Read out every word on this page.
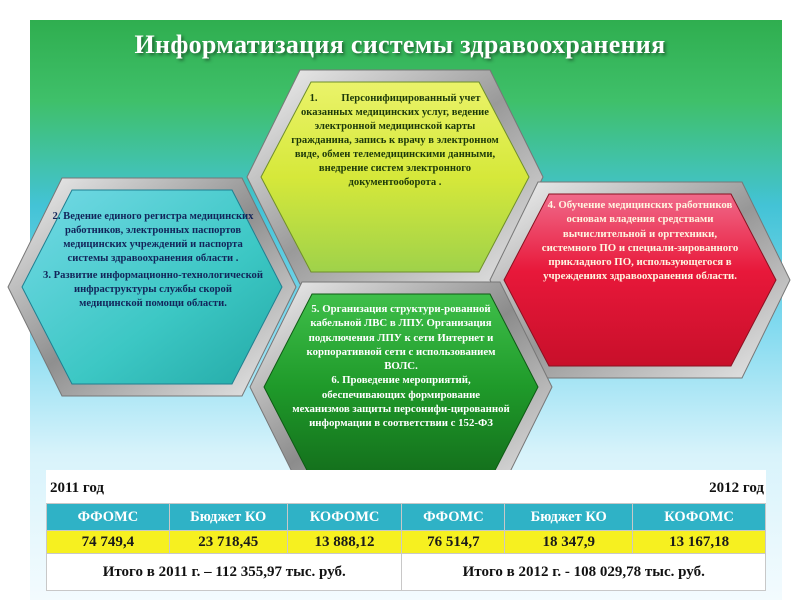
Информатизация системы здравоохранения
1.         Персонифицированный учет оказанных медицинских услуг, ведение электронной медицинской карты гражданина, запись к врачу в электронном виде, обмен телемедицинскими данными, внедрение систем электронного документооборота .
2. Ведение единого регистра медицинских работников, электронных паспортов медицинских учреждений и паспорта системы здравоохранения области .
3. Развитие информационно-технологической инфраструктуры службы скорой медицинской помощи области.
4. Обучение медицинских работников основам владения средствами вычислительной и оргтехники, системного ПО и специали-зированного прикладного ПО, использующегося в учреждениях здравоохранения области.
5. Организация структури-рованной кабельной ЛВС в ЛПУ. Организация подключения ЛПУ к сети Интернет и корпоративной сети с использованием ВОЛС.
6. Проведение мероприятий, обеспечивающих формирование механизмов защиты персонифи-цированной информации в соответствии с 152-ФЗ
2011 год	2012 год
ФФОМС	Бюджет КО	КОФОМС	ФФОМС	Бюджет КО	КОФОМС
74 749,4	23 718,45	13 888,12	76 514,7	18 347,9	13 167,18
Итого в 2011 г. – 112 355,97 тыс. руб.			Итого в 2012 г. - 108 029,78 тыс. руб.		
